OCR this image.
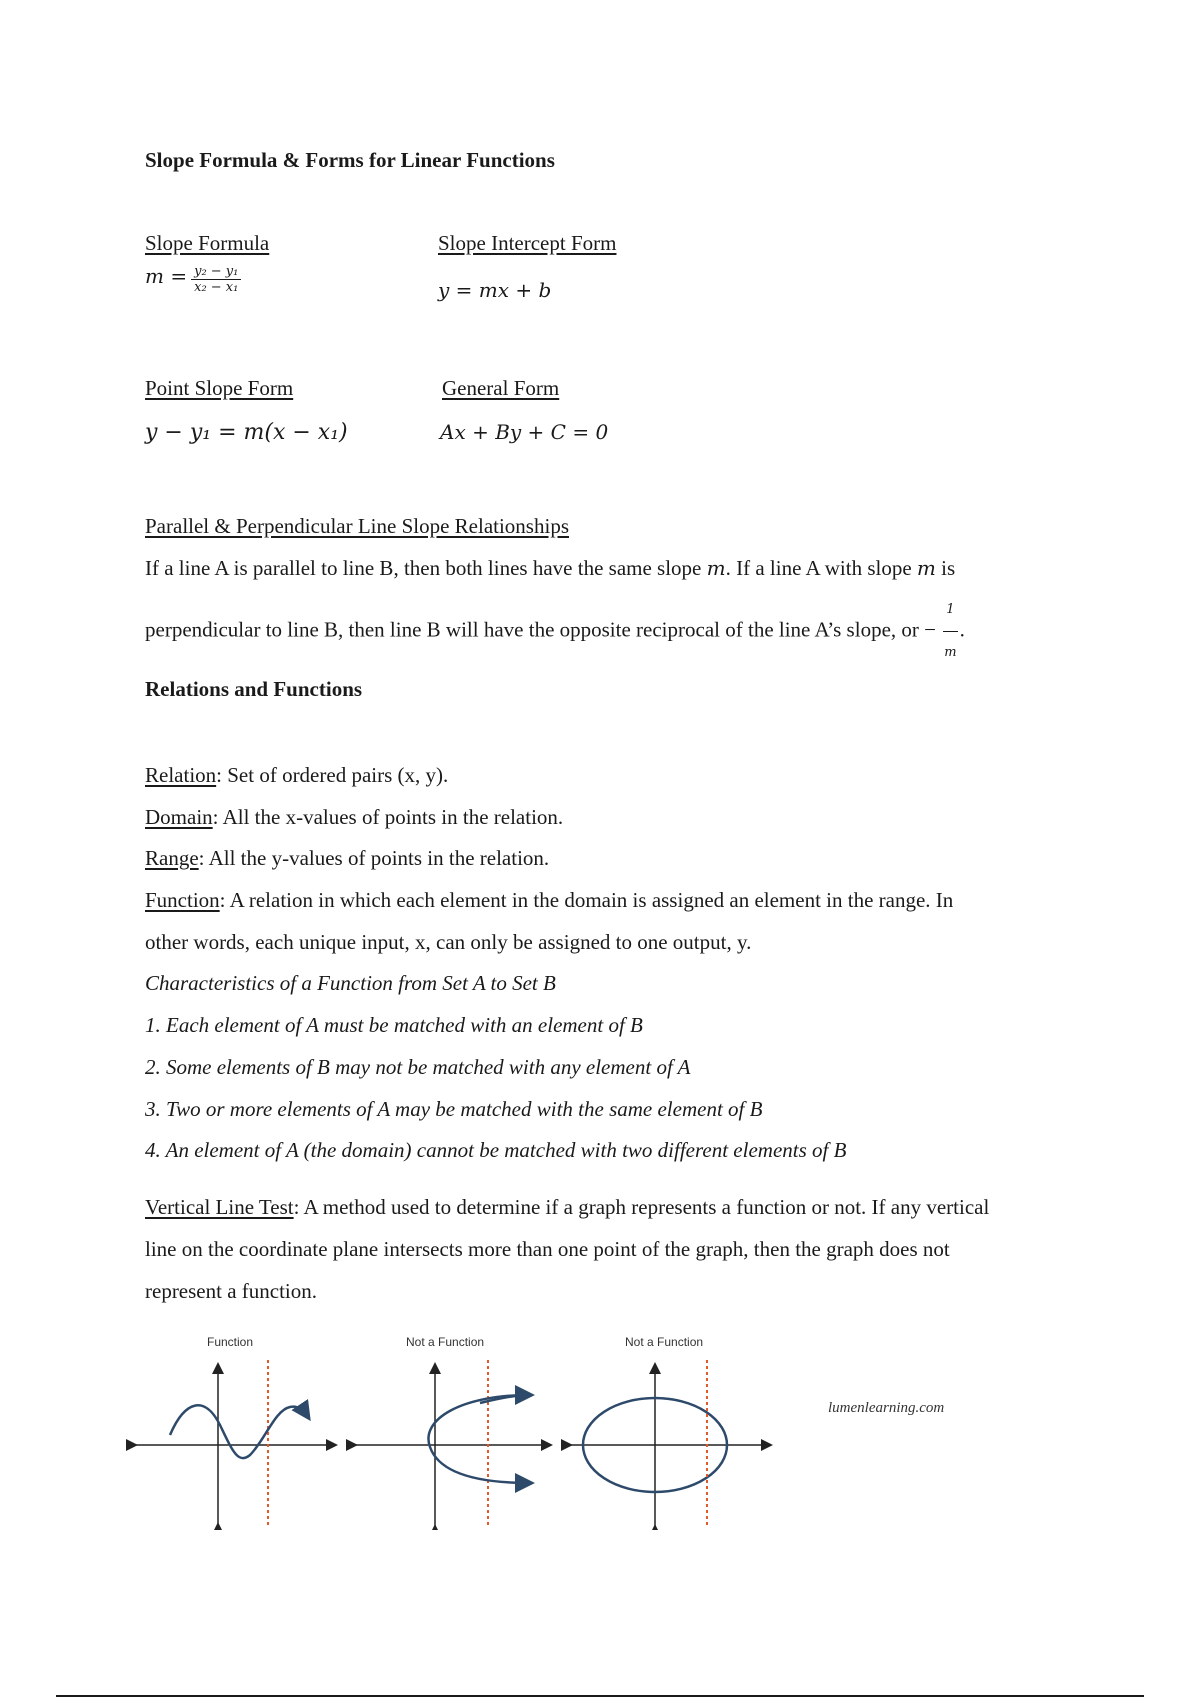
Slope Formula & Forms for Linear Functions
Slope Formula
$m = \frac{\text{y₂ − y₁}}{\text{x₂ − x₁}}$
Slope Intercept Form
y = mx + b
Point Slope Form
y − y₁ = m(x − x₁)
General Form
Ax + By + C = 0
Parallel & Perpendicular Line Slope Relationships
If a line A is parallel to line B, then both lines have the same slope m. If a line A with slope m is
perpendicular to line B, then line B will have the opposite reciprocal of the line A’s slope, or − $\frac{1}{m}$ .
Relations and Functions
Relation: Set of ordered pairs (x, y).
Domain: All the x-values of points in the relation.
Range: All the y-values of points in the relation.
Function: A relation in which each element in the domain is assigned an element in the range. In
other words, each unique input, x, can only be assigned to one output, y.
Characteristics of a Function from Set A to Set B
1. Each element of A must be matched with an element of B
2. Some elements of B may not be matched with any element of A
3. Two or more elements of A may be matched with the same element of B
4. An element of A (the domain) cannot be matched with two different elements of B
Vertical Line Test: A method used to determine if a graph represents a function or not. If any vertical
line on the coordinate plane intersects more than one point of the graph, then the graph does not
represent a function.
Function	Not a Function	Not a Function
lumenlearning.com
